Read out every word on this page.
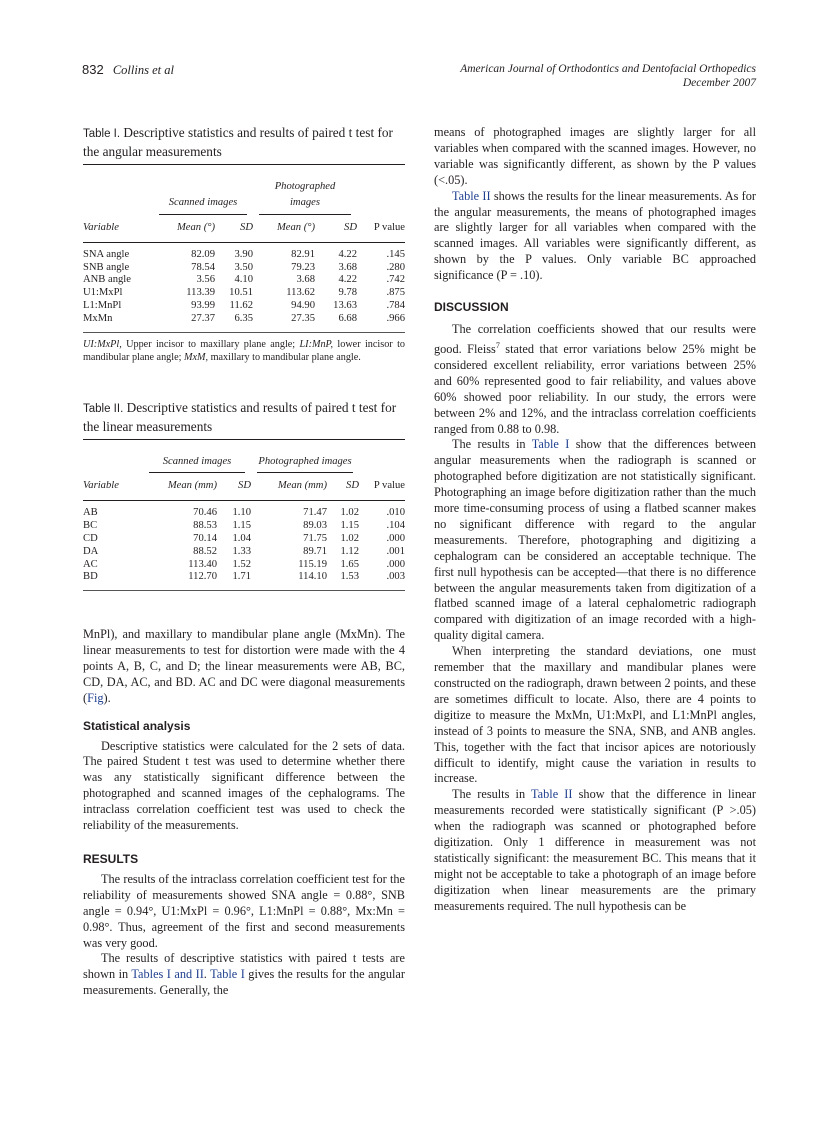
832 Collins et al	American Journal of Orthodontics and Dentofacial Orthopedics
December 2007
Table I. Descriptive statistics and results of paired t test for the angular measurements

	Scanned images		Photographed images		

Variable	Mean (°)	SD	Mean (°)	SD	P value
SNA angle	82.09	3.90	82.91	4.22	.145
SNB angle	78.54	3.50	79.23	3.68	.280
ANB angle	3.56	4.10	3.68	4.22	.742
U1:MxPl	113.39	10.51	113.62	9.78	.875
L1:MnPl	93.99	11.62	94.90	13.63	.784
MxMn	27.37	6.35	27.35	6.68	.966
UI:MxPl, Upper incisor to maxillary plane angle; LI:MnP, lower incisor to mandibular plane angle; MxM, maxillary to mandibular plane angle.
Table II. Descriptive statistics and results of paired t test for the linear measurements

	Scanned images		Photographed images		

Variable	Mean (mm)	SD	Mean (mm)	SD	P value
AB	70.46	1.10	71.47	1.02	.010
BC	88.53	1.15	89.03	1.15	.104
CD	70.14	1.04	71.75	1.02	.000
DA	88.52	1.33	89.71	1.12	.001
AC	113.40	1.52	115.19	1.65	.000
BD	112.70	1.71	114.10	1.53	.003

MnPl), and maxillary to mandibular plane angle (MxMn). The linear measurements to test for distortion were made with the 4 points A, B, C, and D; the linear measurements were AB, BC, CD, DA, AC, and BD. AC and DC were diagonal measurements (Fig).

Statistical analysis

Descriptive statistics were calculated for the 2 sets of data. The paired Student t test was used to determine whether there was any statistically significant difference between the photographed and scanned images of the cephalograms. The intraclass correlation coefficient test was used to check the reliability of the measurements.

RESULTS

The results of the intraclass correlation coefficient test for the reliability of measurements showed SNA angle = 0.88°, SNB angle = 0.94°, U1:MxPl = 0.96°, L1:MnPl = 0.88°, Mx:Mn = 0.98°. Thus, agreement of the first and second measurements was very good.

The results of descriptive statistics with paired t tests are shown in Tables I and II. Table I gives the results for the angular measurements. Generally, the

means of photographed images are slightly larger for all variables when compared with the scanned images. However, no variable was significantly different, as shown by the P values (<.05).

Table II shows the results for the linear measurements. As for the angular measurements, the means of photographed images are slightly larger for all variables when compared with the scanned images. All variables were significantly different, as shown by the P values. Only variable BC approached significance (P = .10).

DISCUSSION

The correlation coefficients showed that our results were good. Fleiss$^7$ stated that error variations below 25% might be considered excellent reliability, error variations between 25% and 60% represented good to fair reliability, and values above 60% showed poor reliability. In our study, the errors were between 2% and 12%, and the intraclass correlation coefficients ranged from 0.88 to 0.98.

The results in Table I show that the differences between angular measurements when the radiograph is scanned or photographed before digitization are not statistically significant. Photographing an image before digitization rather than the much more time-consuming process of using a flatbed scanner makes no significant difference with regard to the angular measurements. Therefore, photographing and digitizing a cephalogram can be considered an acceptable technique. The first null hypothesis can be accepted—that there is no difference between the angular measurements taken from digitization of a flatbed scanned image of a lateral cephalometric radiograph compared with digitization of an image recorded with a high-quality digital camera.

When interpreting the standard deviations, one must remember that the maxillary and mandibular planes were constructed on the radiograph, drawn between 2 points, and these are sometimes difficult to locate. Also, there are 4 points to digitize to measure the MxMn, U1:MxPl, and L1:MnPl angles, instead of 3 points to measure the SNA, SNB, and ANB angles. This, together with the fact that incisor apices are notoriously difficult to identify, might cause the variation in results to increase.

The results in Table II show that the difference in linear measurements recorded were statistically significant (P >.05) when the radiograph was scanned or photographed before digitization. Only 1 difference in measurement was not statistically significant: the measurement BC. This means that it might not be acceptable to take a photograph of an image before digitization when linear measurements are the primary measurements required. The null hypothesis can be
